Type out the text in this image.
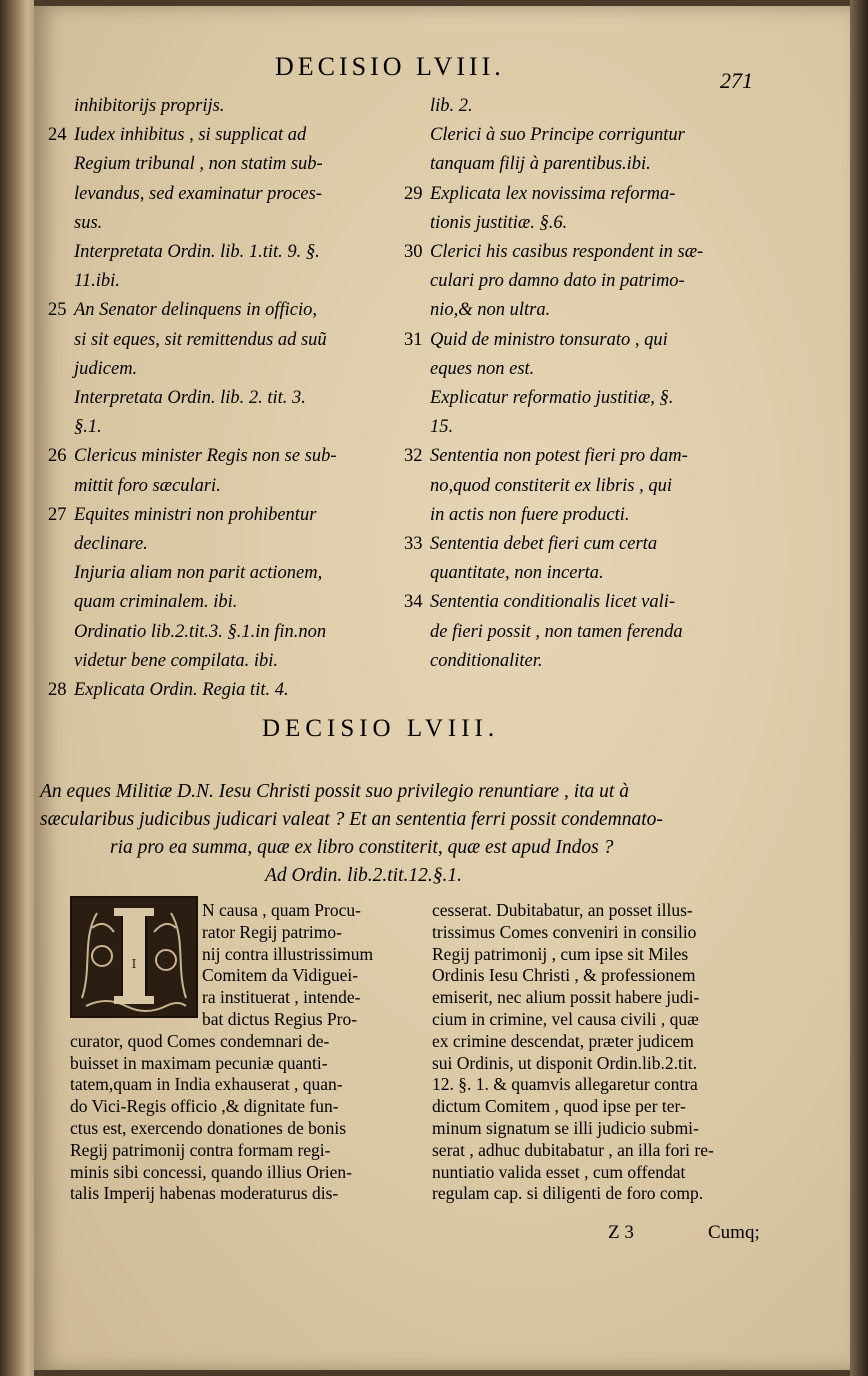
DECISIO LVIII.	271
inhibitorijs proprijs.
24 Iudex inhibitus , si supplicat ad
Regium tribunal , non statim sub-
levandus, sed examinatur proces-
sus.
Interpretata Ordin. lib. 1.tit. 9. §.
11.ibi.
25 An Senator delinquens in officio,
si sit eques, sit remittendus ad suũ
judicem.
Interpretata Ordin. lib. 2. tit. 3.
§.1.
26 Clericus minister Regis non se sub-
mittit foro sæculari.
27 Equites ministri non prohibentur
declinare.
Injuria aliam non parit actionem,
quam criminalem. ibi.
Ordinatio lib.2.tit.3. §.1.in fin.non
videtur bene compilata. ibi.
28 Explicata Ordin. Regia tit. 4.
lib. 2.
Clerici à suo Principe corriguntur
tanquam filij à parentibus.ibi.
29 Explicata lex novissima reforma-
tionis justitiæ. §.6.
30 Clerici his casibus respondent in sæ-
culari pro damno dato in patrimo-
nio,& non ultra.
31 Quid de ministro tonsurato , qui
eques non est.
Explicatur reformatio justitiæ, §.
15.
32 Sententia non potest fieri pro dam-
no,quod constiterit ex libris , qui
in actis non fuere producti.
33 Sententia debet fieri cum certa
quantitate, non incerta.
34 Sententia conditionalis licet vali-
de fieri possit , non tamen ferenda
conditionaliter.
DECISIO LVIII.
An eques Militiæ D.N. Iesu Christi possit suo privilegio renuntiare , ita ut à
sæcularibus judicibus judicari valeat ? Et an sententia ferri possit condemnato-
ria pro ea summa, quæ ex libro constiterit, quæ est apud Indos ?
Ad Ordin. lib.2.tit.12.§.1.
I
N causa , quam Procu-
rator Regij patrimo-
nij contra illustrissimum
Comitem da Vidiguei-
ra instituerat , intende-
bat dictus Regius Pro-
curator, quod Comes condemnari de-
buisset in maximam pecuniæ quanti-
tatem,quam in India exhauserat , quan-
do Vici-Regis officio ,& dignitate fun-
ctus est, exercendo donationes de bonis
Regij patrimonij contra formam regi-
minis sibi concessi, quando illius Orien-
talis Imperij habenas moderaturus dis-
cesserat. Dubitabatur, an posset illus-
trissimus Comes conveniri in consilio
Regij patrimonij , cum ipse sit Miles
Ordinis Iesu Christi , & professionem
emiserit, nec alium possit habere judi-
cium in crimine, vel causa civili , quæ
ex crimine descendat, præter judicem
sui Ordinis, ut disponit Ordin.lib.2.tit.
12. §. 1. & quamvis allegaretur contra
dictum Comitem , quod ipse per ter-
minum signatum se illi judicio submi-
serat , adhuc dubitabatur , an illa fori re-
nuntiatio valida esset , cum offendat
regulam cap. si diligenti de foro comp.
Z 3	Cumq;
